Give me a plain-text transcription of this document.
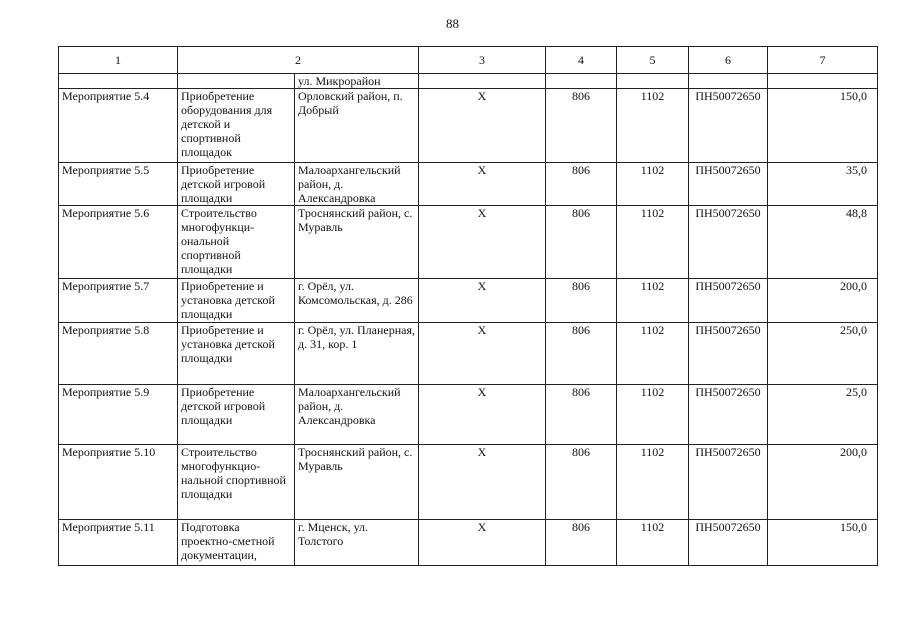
88
1	2		3	4	5	6	7
		ул. Микрорайон					
Мероприятие 5.4	Приобретение оборудования для детской и спортивной площадок	Орловский район, п. Добрый	Х	806	1102	ПН50072650	150,0
Мероприятие 5.5	Приобретение детской игровой площадки	Малоархангельский район, д. Александровка	Х	806	1102	ПН50072650	35,0
Мероприятие 5.6	Строительство многофункци-ональной спортивной площадки	Троснянский район, с. Муравль	Х	806	1102	ПН50072650	48,8
Мероприятие 5.7	Приобретение и установка детской площадки	г. Орёл, ул. Комсомольская, д. 286	Х	806	1102	ПН50072650	200,0
Мероприятие 5.8	Приобретение и установка детской площадки	г. Орёл, ул. Планерная, д. 31, кор. 1	Х	806	1102	ПН50072650	250,0
Мероприятие 5.9	Приобретение детской игровой площадки	Малоархангельский район, д. Александровка	Х	806	1102	ПН50072650	25,0
Мероприятие 5.10	Строительство многофункцио-нальной спортивной площадки	Троснянский район, с. Муравль	Х	806	1102	ПН50072650	200,0
Мероприятие 5.11	Подготовка проектно-сметной документации,	г. Мценск, ул. Толстого	Х	806	1102	ПН50072650	150,0
